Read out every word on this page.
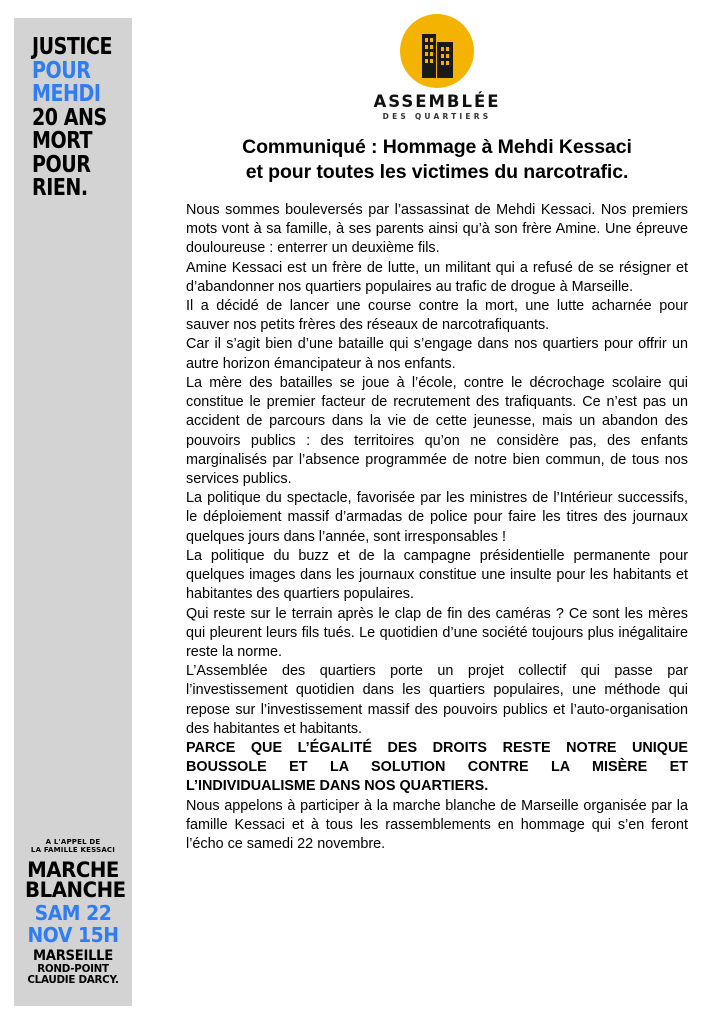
JUSTICE
POUR
MEHDI
20 ANS
MORT
POUR
RIEN.
A L'APPEL DE
LA FAMILLE KESSACI
MARCHE
BLANCHE
SAM 22
NOV 15H
MARSEILLE
ROND-POINT
CLAUDIE DARCY.
ASSEMBLÉE
DES QUARTIERS
Communiqué : Hommage à Mehdi Kessaci
et pour toutes les victimes du narcotrafic.

Nous sommes bouleversés par l’assassinat de Mehdi Kessaci. Nos premiers mots vont à sa famille, à ses parents ainsi qu’à son frère Amine. Une épreuve douloureuse : enterrer un deuxième fils.

Amine Kessaci est un frère de lutte, un militant qui a refusé de se résigner et d’abandonner nos quartiers populaires au trafic de drogue à Marseille.

Il a décidé de lancer une course contre la mort, une lutte acharnée pour sauver nos petits frères des réseaux de narcotrafiquants.

Car il s’agit bien d’une bataille qui s’engage dans nos quartiers pour offrir un autre horizon émancipateur à nos enfants.

La mère des batailles se joue à l’école, contre le décrochage scolaire qui constitue le premier facteur de recrutement des trafiquants. Ce n’est pas un accident de parcours dans la vie de cette jeunesse, mais un abandon des pouvoirs publics : des territoires qu’on ne considère pas, des enfants marginalisés par l’absence programmée de notre bien commun, de tous nos services publics.

La politique du spectacle, favorisée par les ministres de l’Intérieur successifs, le déploiement massif d’armadas de police pour faire les titres des journaux quelques jours dans l’année, sont irresponsables !

La politique du buzz et de la campagne présidentielle permanente pour quelques images dans les journaux constitue une insulte pour les habitants et habitantes des quartiers populaires.

Qui reste sur le terrain après le clap de fin des caméras ? Ce sont les mères qui pleurent leurs fils tués. Le quotidien d’une société toujours plus inégalitaire reste la norme.

L’Assemblée des quartiers porte un projet collectif qui passe par l’investissement quotidien dans les quartiers populaires, une méthode qui repose sur l’investissement massif des pouvoirs publics et l’auto-organisation des habitantes et habitants.

PARCE QUE L’ÉGALITÉ DES DROITS RESTE NOTRE UNIQUE BOUSSOLE ET LA SOLUTION CONTRE LA MISÈRE ET L’INDIVIDUALISME DANS NOS QUARTIERS.

Nous appelons à participer à la marche blanche de Marseille organisée par la famille Kessaci et à tous les rassemblements en hommage qui s’en feront l’écho ce samedi 22 novembre.
